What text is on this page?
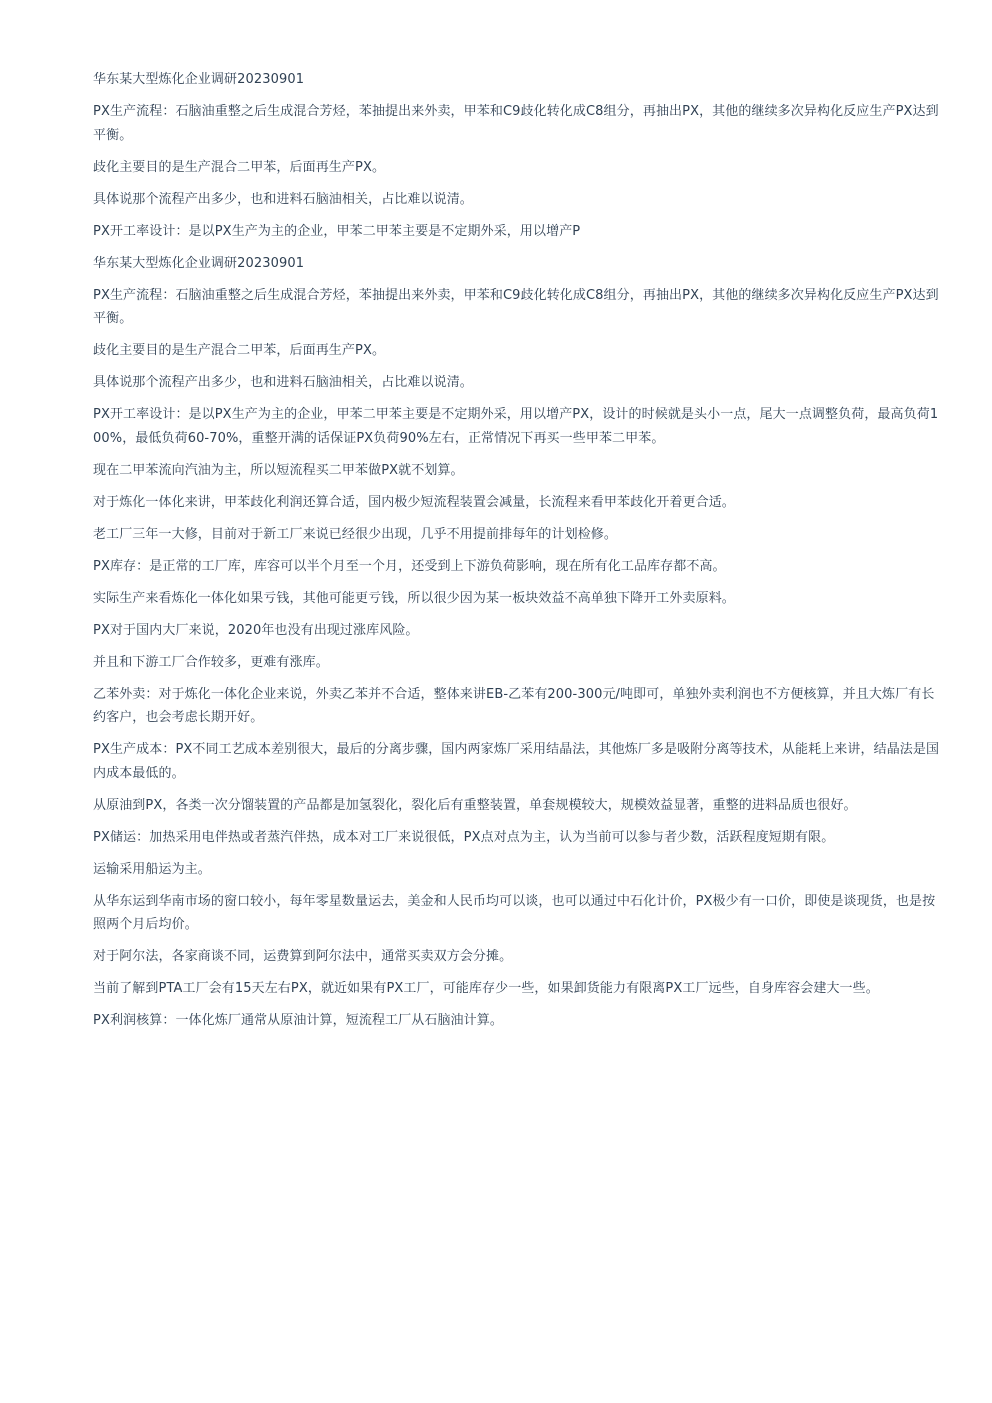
华东某大型炼化企业调研20230901

PX生产流程：石脑油重整之后生成混合芳烃，苯抽提出来外卖，甲苯和C9歧化转化成C8组分，再抽出PX，其他的继续多次异构化反应生产PX达到平衡。

歧化主要目的是生产混合二甲苯，后面再生产PX。

具体说那个流程产出多少，也和进料石脑油相关，占比难以说清。

PX开工率设计：是以PX生产为主的企业，甲苯二甲苯主要是不定期外采，用以增产P

华东某大型炼化企业调研20230901

PX生产流程：石脑油重整之后生成混合芳烃，苯抽提出来外卖，甲苯和C9歧化转化成C8组分，再抽出PX，其他的继续多次异构化反应生产PX达到平衡。

歧化主要目的是生产混合二甲苯，后面再生产PX。

具体说那个流程产出多少，也和进料石脑油相关，占比难以说清。

PX开工率设计：是以PX生产为主的企业，甲苯二甲苯主要是不定期外采，用以增产PX，设计的时候就是头小一点，尾大一点调整负荷，最高负荷100%，最低负荷60-70%，重整开满的话保证PX负荷90%左右，正常情况下再买一些甲苯二甲苯。

现在二甲苯流向汽油为主，所以短流程买二甲苯做PX就不划算。

对于炼化一体化来讲，甲苯歧化利润还算合适，国内极少短流程装置会减量，长流程来看甲苯歧化开着更合适。

老工厂三年一大修，目前对于新工厂来说已经很少出现，几乎不用提前排每年的计划检修。

PX库存：是正常的工厂库，库容可以半个月至一个月，还受到上下游负荷影响，现在所有化工品库存都不高。

实际生产来看炼化一体化如果亏钱，其他可能更亏钱，所以很少因为某一板块效益不高单独下降开工外卖原料。

PX对于国内大厂来说，2020年也没有出现过涨库风险。

并且和下游工厂合作较多，更难有涨库。

乙苯外卖：对于炼化一体化企业来说，外卖乙苯并不合适，整体来讲EB-乙苯有200-300元/吨即可，单独外卖利润也不方便核算，并且大炼厂有长约客户，也会考虑长期开好。

PX生产成本：PX不同工艺成本差别很大，最后的分离步骤，国内两家炼厂采用结晶法，其他炼厂多是吸附分离等技术，从能耗上来讲，结晶法是国内成本最低的。

从原油到PX，各类一次分馏装置的产品都是加氢裂化，裂化后有重整装置，单套规模较大，规模效益显著，重整的进料品质也很好。

PX储运：加热采用电伴热或者蒸汽伴热，成本对工厂来说很低，PX点对点为主，认为当前可以参与者少数，活跃程度短期有限。

运输采用船运为主。

从华东运到华南市场的窗口较小，每年零星数量运去，美金和人民币均可以谈，也可以通过中石化计价，PX极少有一口价，即使是谈现货，也是按照两个月后均价。

对于阿尔法，各家商谈不同，运费算到阿尔法中，通常买卖双方会分摊。

当前了解到PTA工厂会有15天左右PX，就近如果有PX工厂，可能库存少一些，如果卸货能力有限离PX工厂远些，自身库容会建大一些。

PX利润核算：一体化炼厂通常从原油计算，短流程工厂从石脑油计算。
